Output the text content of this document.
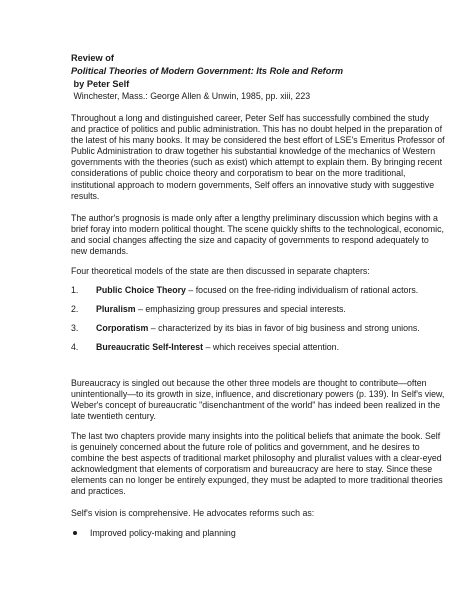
Review of
Political Theories of Modern Government: Its Role and Reform
by Peter Self
Winchester, Mass.: George Allen & Unwin, 1985, pp. xiii, 223
Throughout a long and distinguished career, Peter Self has successfully combined the study
and practice of politics and public administration. This has no doubt helped in the preparation of
the latest of his many books. It may be considered the best effort of LSE's Emeritus Professor of
Public Administration to draw together his substantial knowledge of the mechanics of Western
governments with the theories (such as exist) which attempt to explain them. By bringing recent
considerations of public choice theory and corporatism to bear on the more traditional,
institutional approach to modern governments, Self offers an innovative study with suggestive
results.
The author's prognosis is made only after a lengthy preliminary discussion which begins with a
brief foray into modern political thought. The scene quickly shifts to the technological, economic,
and social changes affecting the size and capacity of governments to respond adequately to
new demands.
Four theoretical models of the state are then discussed in separate chapters:
1. Public Choice Theory – focused on the free-riding individualism of rational actors.
2. Pluralism – emphasizing group pressures and special interests.
3. Corporatism – characterized by its bias in favor of big business and strong unions.
4. Bureaucratic Self-Interest – which receives special attention.
Bureaucracy is singled out because the other three models are thought to contribute—often
unintentionally—to its growth in size, influence, and discretionary powers (p. 139). In Self's view,
Weber's concept of bureaucratic "disenchantment of the world" has indeed been realized in the
late twentieth century.
The last two chapters provide many insights into the political beliefs that animate the book. Self
is genuinely concerned about the future role of politics and government, and he desires to
combine the best aspects of traditional market philosophy and pluralist values with a clear-eyed
acknowledgment that elements of corporatism and bureaucracy are here to stay. Since these
elements can no longer be entirely expunged, they must be adapted to more traditional theories
and practices.
Self's vision is comprehensive. He advocates reforms such as:
Improved policy-making and planning
